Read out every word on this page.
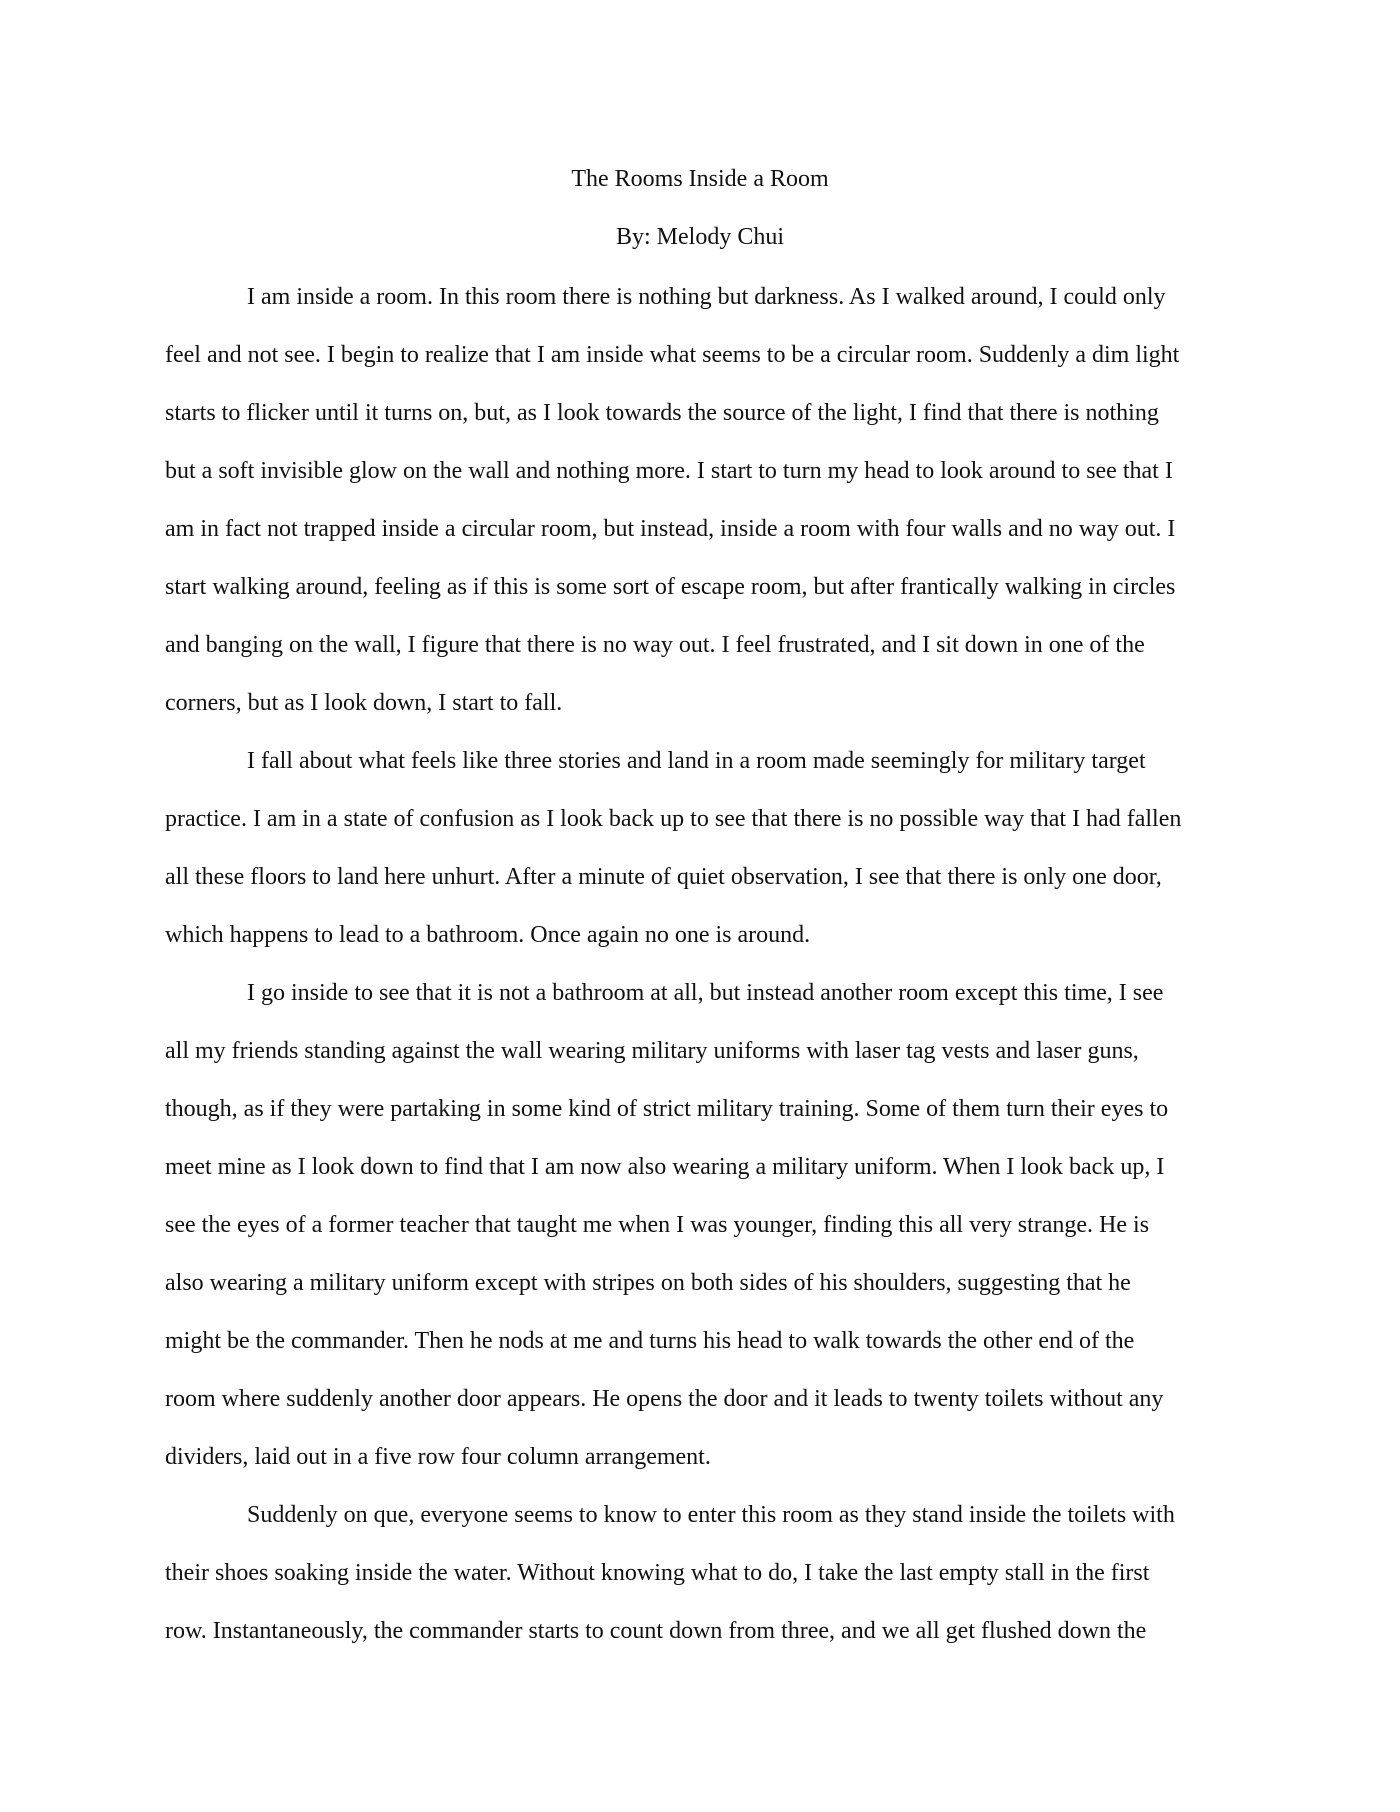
The Rooms Inside a Room
By: Melody Chui
I am inside a room. In this room there is nothing but darkness. As I walked around, I could only
feel and not see. I begin to realize that I am inside what seems to be a circular room. Suddenly a dim light
starts to flicker until it turns on, but, as I look towards the source of the light, I find that there is nothing
but a soft invisible glow on the wall and nothing more. I start to turn my head to look around to see that I
am in fact not trapped inside a circular room, but instead, inside a room with four walls and no way out. I
start walking around, feeling as if this is some sort of escape room, but after frantically walking in circles
and banging on the wall, I figure that there is no way out. I feel frustrated, and I sit down in one of the
corners, but as I look down, I start to fall.
I fall about what feels like three stories and land in a room made seemingly for military target
practice. I am in a state of confusion as I look back up to see that there is no possible way that I had fallen
all these floors to land here unhurt. After a minute of quiet observation, I see that there is only one door,
which happens to lead to a bathroom. Once again no one is around.
I go inside to see that it is not a bathroom at all, but instead another room except this time, I see
all my friends standing against the wall wearing military uniforms with laser tag vests and laser guns,
though, as if they were partaking in some kind of strict military training. Some of them turn their eyes to
meet mine as I look down to find that I am now also wearing a military uniform. When I look back up, I
see the eyes of a former teacher that taught me when I was younger, finding this all very strange. He is
also wearing a military uniform except with stripes on both sides of his shoulders, suggesting that he
might be the commander. Then he nods at me and turns his head to walk towards the other end of the
room where suddenly another door appears. He opens the door and it leads to twenty toilets without any
dividers, laid out in a five row four column arrangement.
Suddenly on que, everyone seems to know to enter this room as they stand inside the toilets with
their shoes soaking inside the water. Without knowing what to do, I take the last empty stall in the first
row. Instantaneously, the commander starts to count down from three, and we all get flushed down the
